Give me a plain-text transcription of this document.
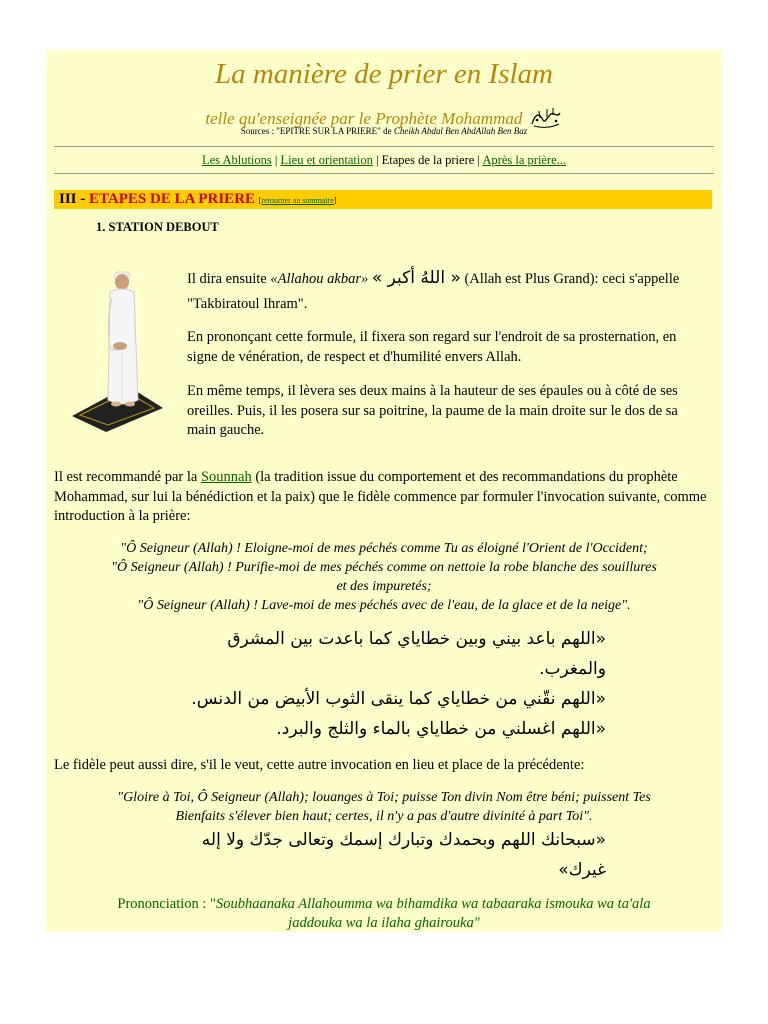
La manière de prier en Islam
telle qu'enseignée par le Prophète Mohammad
Sources : "EPITRE SUR LA PRIERE" de Cheikh Abdul Ben AbdAllah Ben Baz
Les Ablutions | Lieu et orientation | Etapes de la priere | Après la prière...
III - ETAPES DE LA PRIERE [retourner au sommaire]
1. STATION DEBOUT
Il dira ensuite «Allahou akbar» « اللهُ أكبر » (Allah est Plus Grand): ceci s'appelle "Takbiratoul Ihram".
En prononçant cette formule, il fixera son regard sur l'endroit de sa prosternation, en signe de vénération, de respect et d'humilité envers Allah.
En même temps, il lèvera ses deux mains à la hauteur de ses épaules ou à côté de ses oreilles. Puis, il les posera sur sa poitrine, la paume de la main droite sur le dos de sa main gauche.
Il est recommandé par la Sounnah (la tradition issue du comportement et des recommandations du prophète Mohammad, sur lui la bénédiction et la paix) que le fidèle commence par formuler l'invocation suivante, comme introduction à la prière:
"Ô Seigneur (Allah) ! Eloigne-moi de mes péchés comme Tu as éloigné l'Orient de l'Occident;
"Ô Seigneur (Allah) ! Purifie-moi de mes péchés comme on nettoie la robe blanche des souillures
et des impuretés;
"Ô Seigneur (Allah) ! Lave-moi de mes péchés avec de l'eau, de la glace et de la neige".
«اللهم باعد بيني وبين خطاياي كما باعدت بين المشرق
والمغرب.
«اللهم نقّني من خطاياي كما ينقى الثوب الأبيض من الدنس.
«اللهم اغسلني من خطاياي بالماء والثلج والبرد.
Le fidèle peut aussi dire, s'il le veut, cette autre invocation en lieu et place de la précédente:
"Gloire à Toi, Ô Seigneur (Allah); louanges à Toi; puisse Ton divin Nom être béni; puissent Tes
Bienfaits s'élever bien haut; certes, il n'y a pas d'autre divinité à part Toi".
«سبحانك اللهم وبحمدك وتبارك إسمك وتعالى جدّك ولا إله
غيرك»
Prononciation : "Soubhaanaka Allahoumma wa bihamdika wa tabaaraka ismouka wa ta'ala
jaddouka wa la ilaha ghairouka"
